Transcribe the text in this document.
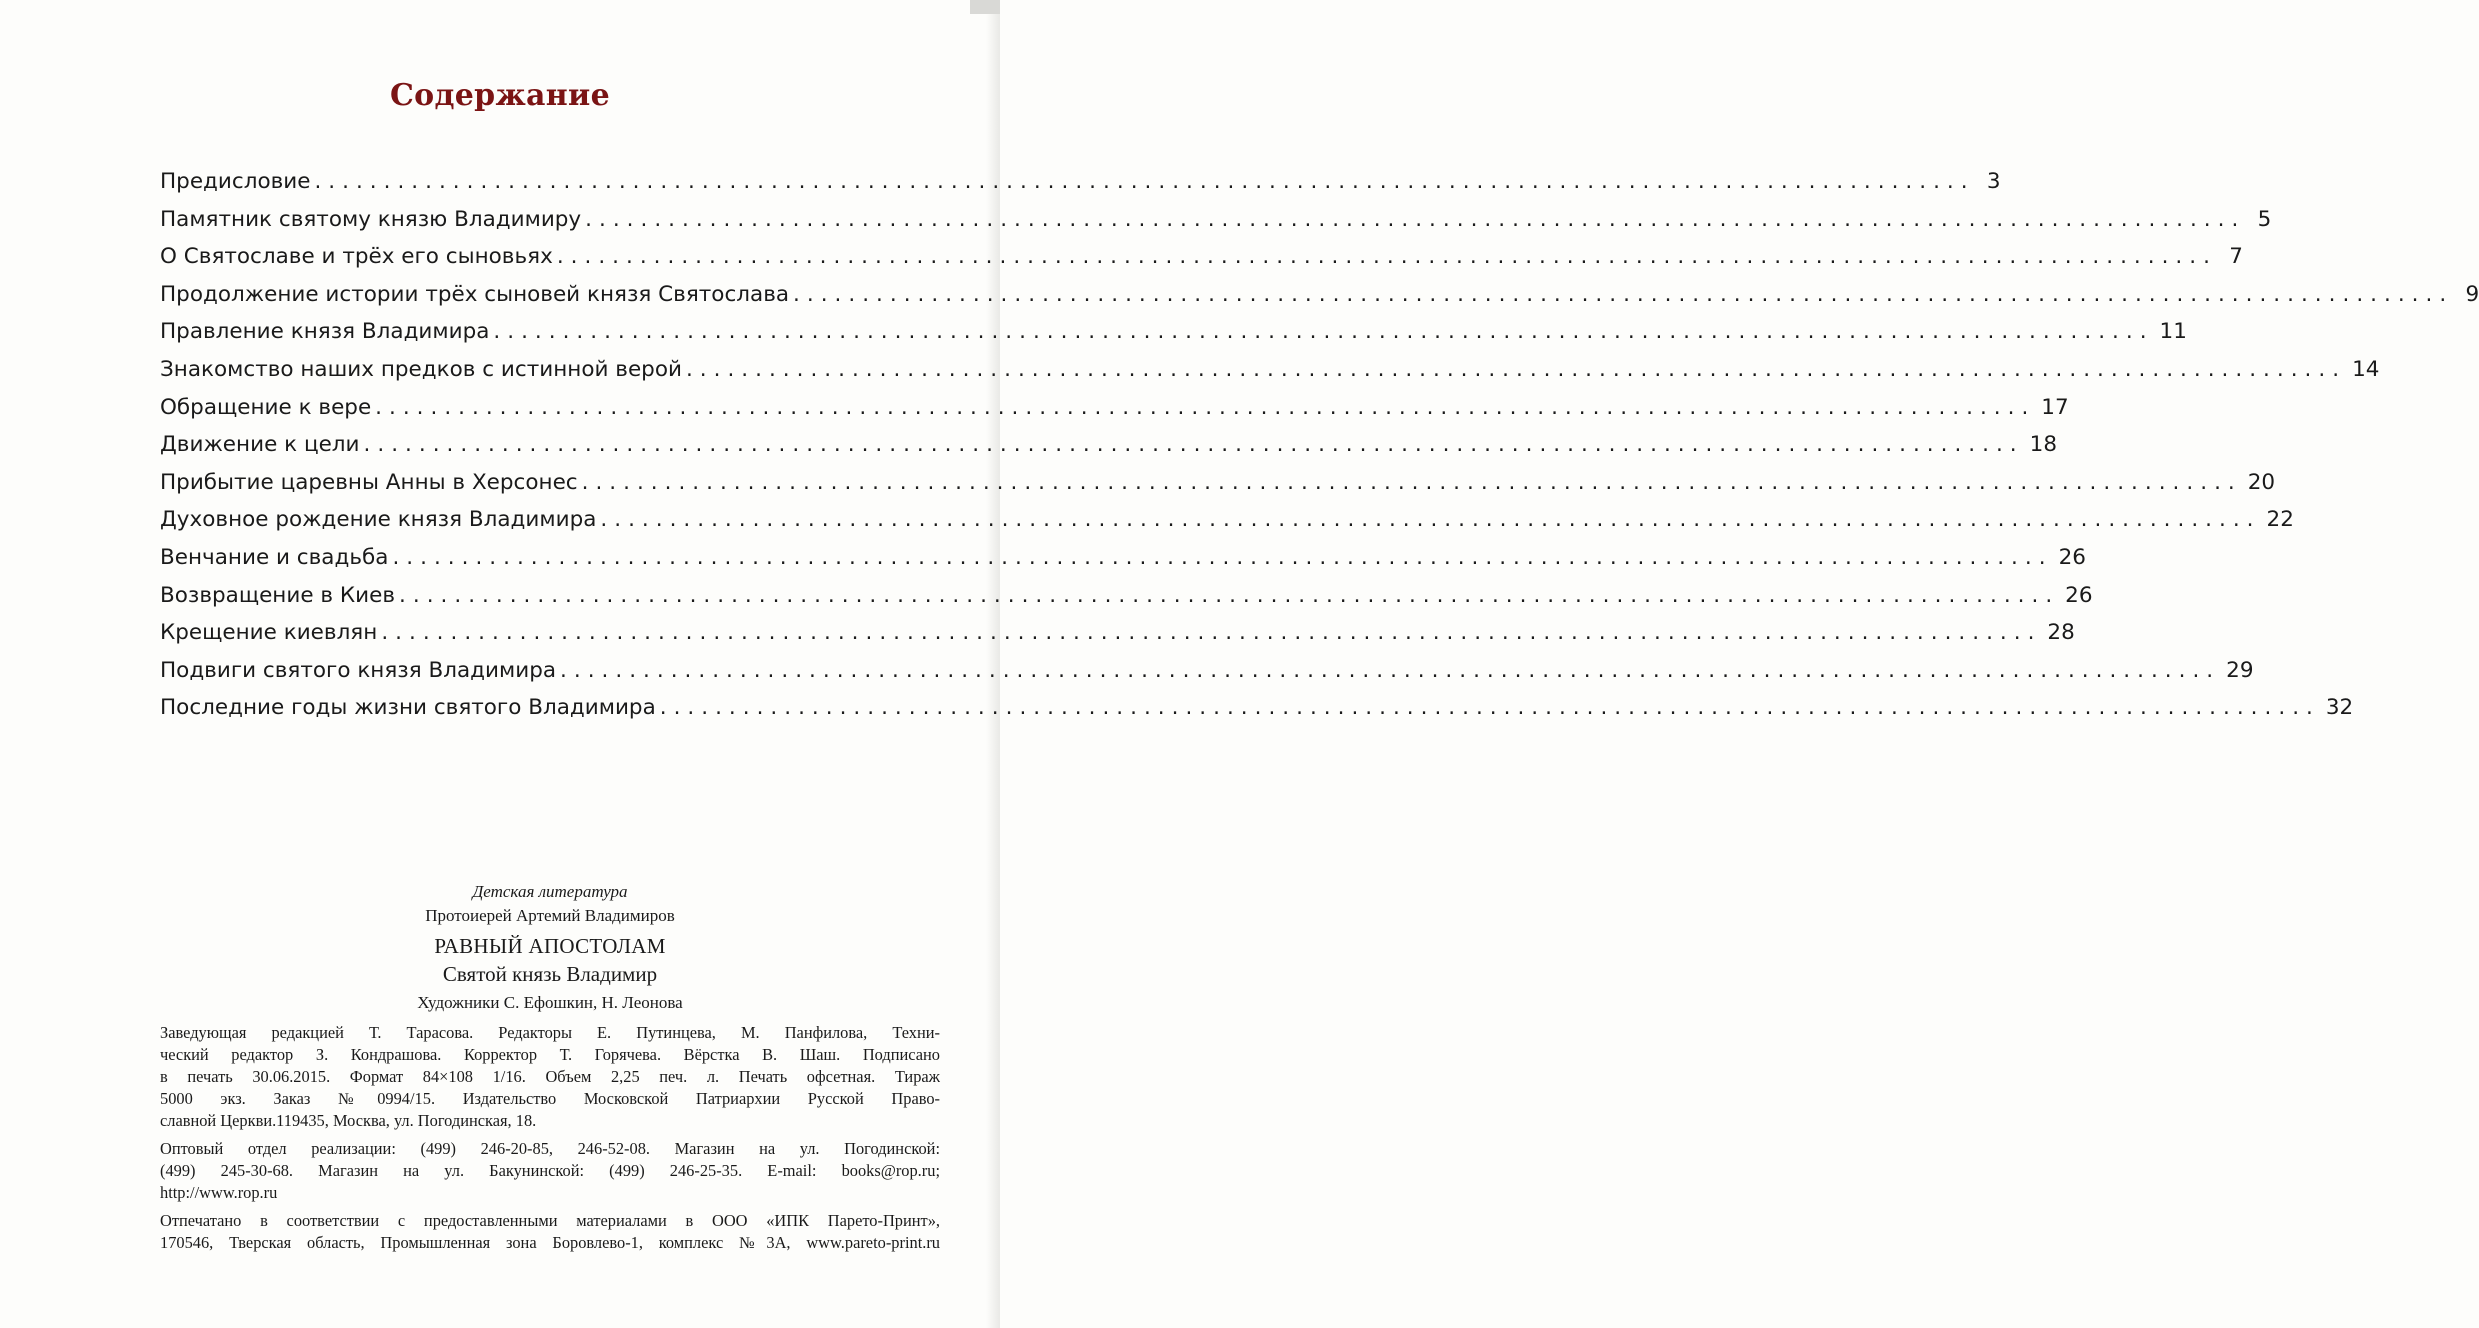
Содержание
Предисловие ........................................................................................................................ 3
Памятник святому князю Владимиру ........................................................................................................................ 5
О Святославе и трёх его сыновьях ........................................................................................................................ 7
Продолжение истории трёх сыновей князя Святослава ........................................................................................................................ 9
Правление князя Владимира ........................................................................................................................ 11
Знакомство наших предков с истинной верой ........................................................................................................................ 14
Обращение к вере ........................................................................................................................ 17
Движение к цели ........................................................................................................................ 18
Прибытие царевны Анны в Херсонес ........................................................................................................................ 20
Духовное рождение князя Владимира ........................................................................................................................ 22
Венчание и свадьба ........................................................................................................................ 26
Возвращение в Киев ........................................................................................................................ 26
Крещение киевлян ........................................................................................................................ 28
Подвиги святого князя Владимира ........................................................................................................................ 29
Последние годы жизни святого Владимира ........................................................................................................................ 32
Детская литература
Протоиерей Артемий Владимиров
РАВНЫЙ АПОСТОЛАМ
Святой князь Владимир
Художники С. Ефошкин, Н. Леонова
Заведующая редакцией Т. Тарасова. Редакторы Е. Путинцева, М. Панфилова, Техни-
ческий редактор З. Кондрашова. Корректор Т. Горячева. Вёрстка В. Шаш. Подписано
в печать 30.06.2015. Формат 84×108 1/16. Объем 2,25 печ. л. Печать офсетная. Тираж
5000 экз. Заказ №0994/15. Издательство Московской Патриархии Русской Право-
славной Церкви.119435, Москва, ул. Погодинская, 18.
Оптовый отдел реализации: (499) 246-20-85, 246-52-08. Магазин на ул. Погодинской:
(499) 245-30-68. Магазин на ул. Бакунинской: (499) 246-25-35. E-mail: books@rop.ru;
http://www.rop.ru
Отпечатано в соответствии с предоставленными материалами в ООО «ИПК Парето-Принт»,
170546, Тверская область, Промышленная зона Боровлево-1, комплекс №3А, www.pareto-print.ru
